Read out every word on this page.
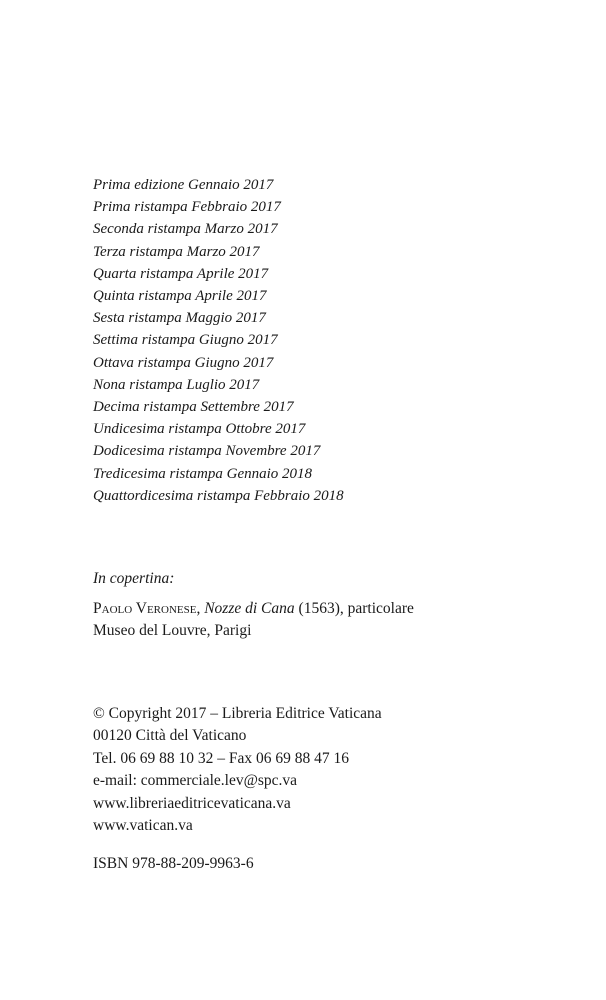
Prima edizione Gennaio 2017
Prima ristampa Febbraio 2017
Seconda ristampa Marzo 2017
Terza ristampa Marzo 2017
Quarta ristampa Aprile 2017
Quinta ristampa Aprile 2017
Sesta ristampa Maggio 2017
Settima ristampa Giugno 2017
Ottava ristampa Giugno 2017
Nona ristampa Luglio 2017
Decima ristampa Settembre 2017
Undicesima ristampa Ottobre 2017
Dodicesima ristampa Novembre 2017
Tredicesima ristampa Gennaio 2018
Quattordicesima ristampa Febbraio 2018
In copertina:
Paolo Veronese, Nozze di Cana (1563), particolare
Museo del Louvre, Parigi
© Copyright 2017 – Libreria Editrice Vaticana
00120 Città del Vaticano
Tel. 06 69 88 10 32 – Fax 06 69 88 47 16
e-mail: commerciale.lev@spc.va
www.libreriaeditricevaticana.va
www.vatican.va
ISBN 978-88-209-9963-6
